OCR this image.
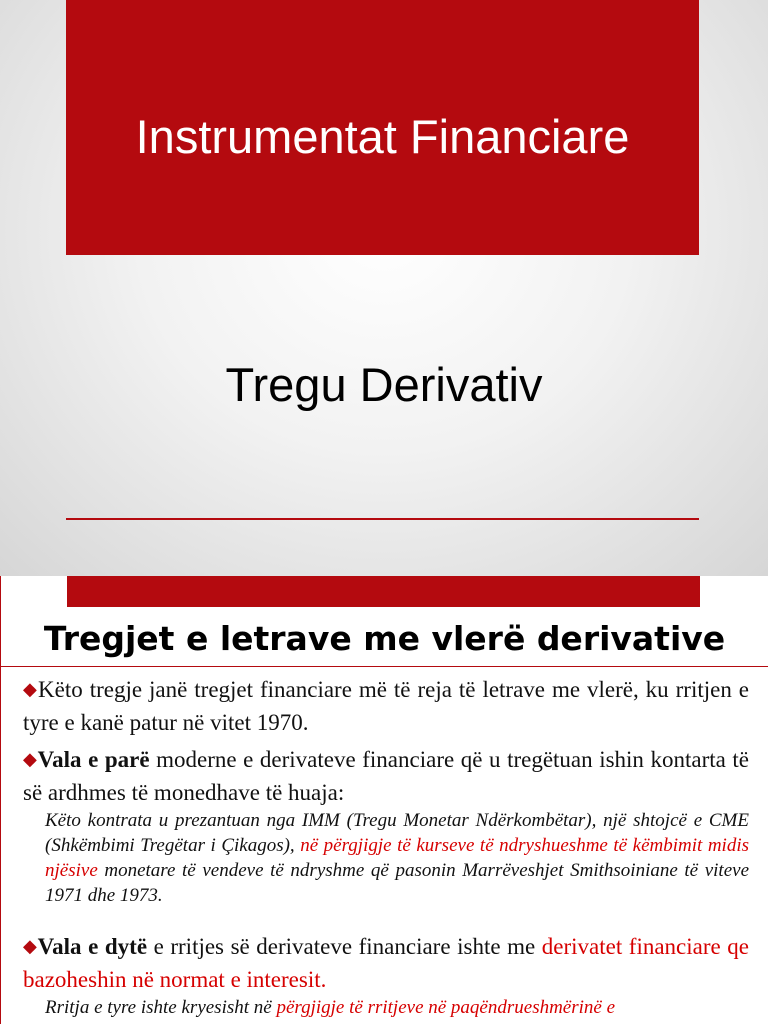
Instrumentat Financiare
Tregu Derivativ
Tregjet e letrave me vlerë derivative
◆Këto tregje janë tregjet financiare më të reja të letrave me vlerë, ku rritjen e tyre e kanë patur në vitet 1970.
◆Vala e parë moderne e derivateve financiare që u tregëtuan ishin kontarta të së ardhmes të monedhave të huaja:
Këto kontrata u prezantuan nga IMM (Tregu Monetar Ndërkombëtar), një shtojcë e CME (Shkëmbimi Tregëtar i Çikagos), në përgjigje të kurseve të ndryshueshme të këmbimit midis njësive monetare të vendeve të ndryshme që pasonin Marrëveshjet Smithsoiniane të viteve 1971 dhe 1973.
◆Vala e dytë e rritjes së derivateve financiare ishte me derivatet financiare qe bazoheshin në normat e interesit.
Rritja e tyre ishte kryesisht në përgjigje të rritjeve në paqëndrueshmërinë e
